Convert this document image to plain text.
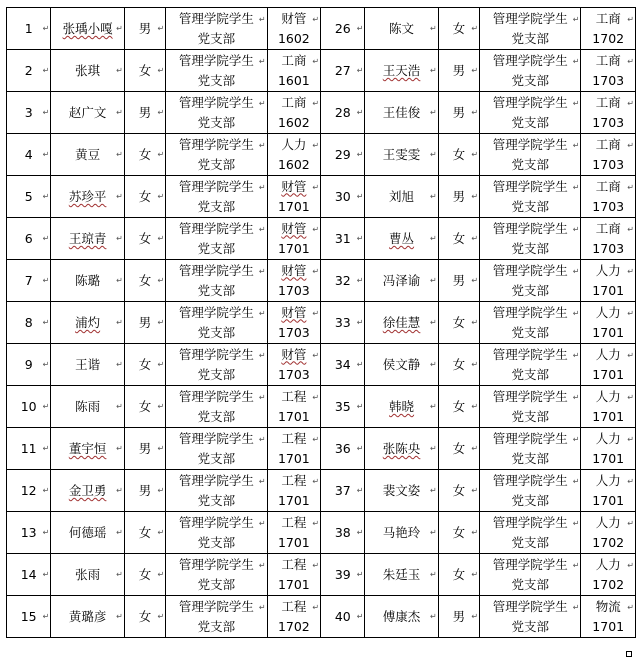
1 ↵	张瑀小嘎 ↵	男 ↵	管理学院学生
党支部
↵	财管
1602
↵	26 ↵	陈文 ↵	女 ↵	管理学院学生
党支部
↵	工商
1702
↵

2 ↵	张琪 ↵	女 ↵	管理学院学生
党支部
↵	工商
1601
↵	27 ↵	王天浩 ↵	男 ↵	管理学院学生
党支部
↵	工商
1703
↵

3 ↵	赵广文 ↵	男 ↵	管理学院学生
党支部
↵	工商
1602
↵	28 ↵	王佳俊 ↵	男 ↵	管理学院学生
党支部
↵	工商
1703
↵

4 ↵	黄豆 ↵	女 ↵	管理学院学生
党支部
↵	人力
1602
↵	29 ↵	王雯雯 ↵	女 ↵	管理学院学生
党支部
↵	工商
1703
↵

5 ↵	苏珍平 ↵	女 ↵	管理学院学生
党支部
↵	财管
1701
↵	30 ↵	刘旭 ↵	男 ↵	管理学院学生
党支部
↵	工商
1703
↵

6 ↵	王琼青 ↵	女 ↵	管理学院学生
党支部
↵	财管
1701
↵	31 ↵	曹丛 ↵	女 ↵	管理学院学生
党支部
↵	工商
1703
↵

7 ↵	陈璐 ↵	女 ↵	管理学院学生
党支部
↵	财管
1703
↵	32 ↵	冯泽谕 ↵	男 ↵	管理学院学生
党支部
↵	人力
1701
↵

8 ↵	浦灼 ↵	男 ↵	管理学院学生
党支部
↵	财管
1703
↵	33 ↵	徐佳慧 ↵	女 ↵	管理学院学生
党支部
↵	人力
1701
↵

9 ↵	王谐 ↵	女 ↵	管理学院学生
党支部
↵	财管
1703
↵	34 ↵	侯文静 ↵	女 ↵	管理学院学生
党支部
↵	人力
1701
↵

10 ↵	陈雨 ↵	女 ↵	管理学院学生
党支部
↵	工程
1701
↵	35 ↵	韩晓 ↵	女 ↵	管理学院学生
党支部
↵	人力
1701
↵

11 ↵	董宇恒 ↵	男 ↵	管理学院学生
党支部
↵	工程
1701
↵	36 ↵	张陈央 ↵	女 ↵	管理学院学生
党支部
↵	人力
1701
↵

12 ↵	金卫勇 ↵	男 ↵	管理学院学生
党支部
↵	工程
1701
↵	37 ↵	裴文姿 ↵	女 ↵	管理学院学生
党支部
↵	人力
1701
↵

13 ↵	何德瑶 ↵	女 ↵	管理学院学生
党支部
↵	工程
1701
↵	38 ↵	马艳玲 ↵	女 ↵	管理学院学生
党支部
↵	人力
1702
↵

14 ↵	张雨 ↵	女 ↵	管理学院学生
党支部
↵	工程
1701
↵	39 ↵	朱廷玉 ↵	女 ↵	管理学院学生
党支部
↵	人力
1702
↵

15 ↵	黄璐彦 ↵	女 ↵	管理学院学生
党支部
↵	工程
1702
↵	40 ↵	傅康杰 ↵	男 ↵	管理学院学生
党支部
↵	物流
1701
↵
